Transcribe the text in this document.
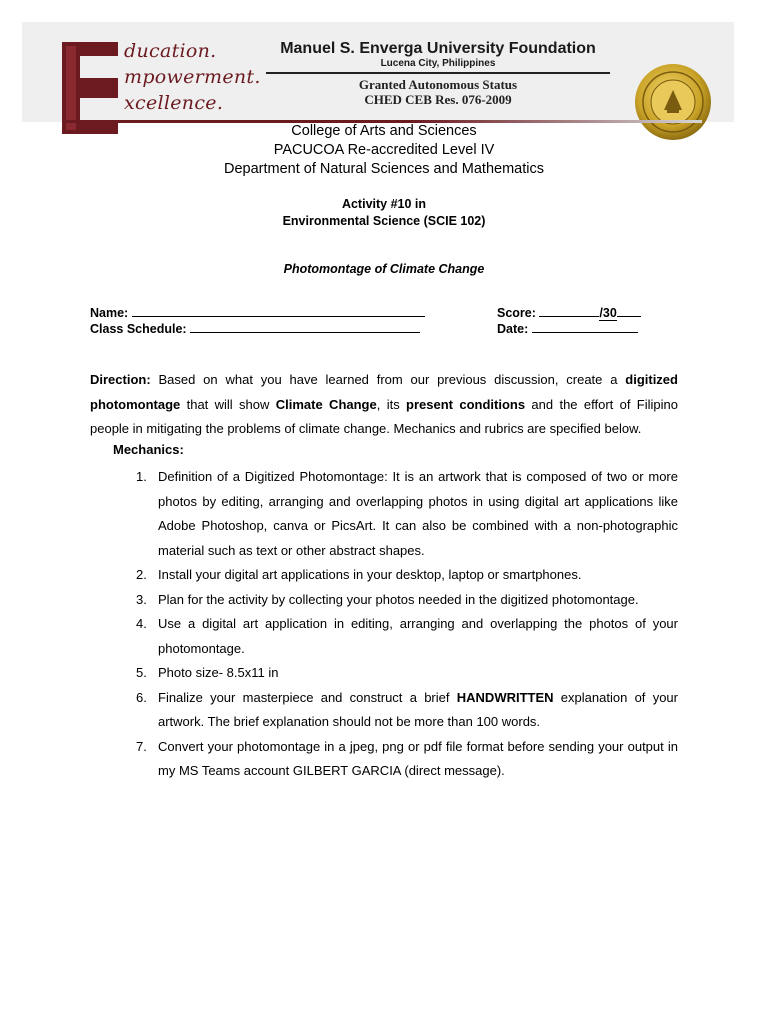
ducation.
mpowerment.
xcellence.
Manuel S. Enverga University Foundation
Lucena City, Philippines
Granted Autonomous Status
CHED CEB Res. 076-2009
College of Arts and Sciences
PACUCOA Re-accredited Level IV
Department of Natural Sciences and Mathematics
Activity #10 in
Environmental Science (SCIE 102)
Photomontage of Climate Change
Name:	Score:	/30
Class Schedule:	Date:
Direction: Based on what you have learned from our previous discussion, create a digitized photomontage that will show Climate Change, its present conditions and the effort of Filipino people in mitigating the problems of climate change. Mechanics and rubrics are specified below.
Mechanics:
1. Definition of a Digitized Photomontage: It is an artwork that is composed of two or more photos by editing, arranging and overlapping photos in using digital art applications like Adobe Photoshop, canva or PicsArt. It can also be combined with a non-photographic material such as text or other abstract shapes.
2. Install your digital art applications in your desktop, laptop or smartphones.
3. Plan for the activity by collecting your photos needed in the digitized photomontage.
4. Use a digital art application in editing, arranging and overlapping the photos of your photomontage.
5. Photo size- 8.5x11 in
6. Finalize your masterpiece and construct a brief HANDWRITTEN explanation of your artwork. The brief explanation should not be more than 100 words.
7. Convert your photomontage in a jpeg, png or pdf file format before sending your output in my MS Teams account GILBERT GARCIA (direct message).
